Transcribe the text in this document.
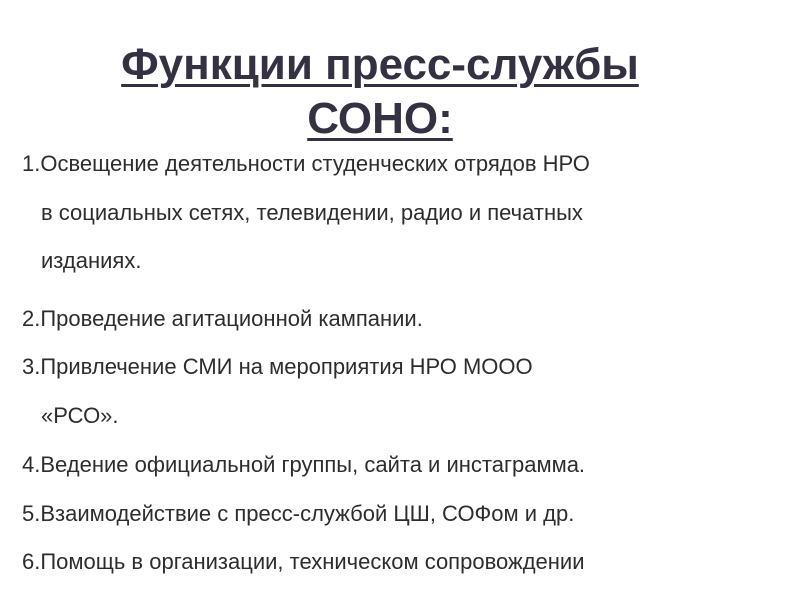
Функции пресс-службы
СОНО:
1.Освещение деятельности студенческих отрядов НРО
в социальных сетях, телевидении, радио и печатных
изданиях.
2.Проведение агитационной кампании.
3.Привлечение СМИ на мероприятия НРО МООО
«РСО».
4.Ведение официальной группы, сайта и инстаграмма.
5.Взаимодействие с пресс-службой ЦШ, СОФом и др.
6.Помощь в организации, техническом сопровождении
